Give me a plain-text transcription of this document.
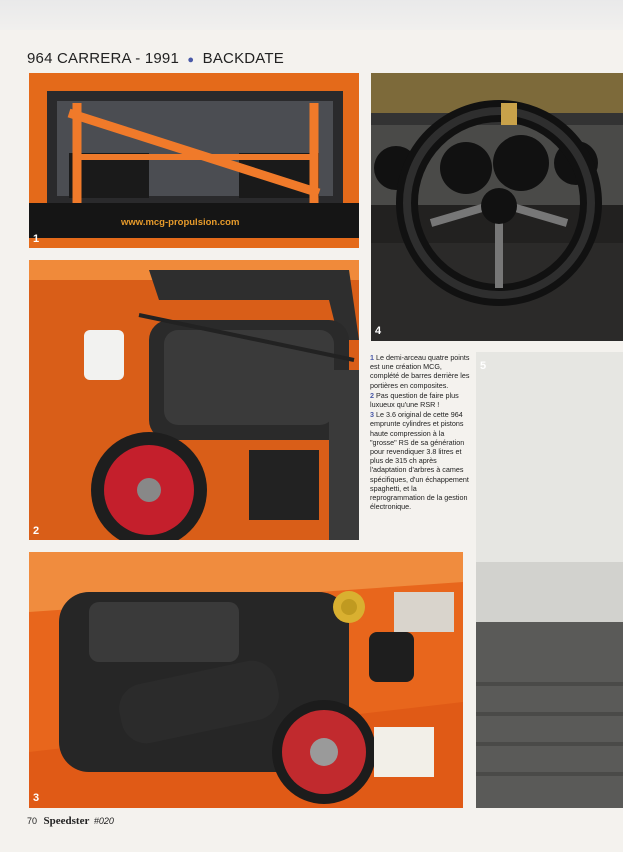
964 CARRERA - 1991 ● BACKDATE
www.mcg-propulsion.com
1
2
3
4
5

1 Le demi-arceau quatre points est une création MCG, complété de barres derrière les portières en composites.

2 Pas question de faire plus luxueux qu'une RSR !

3 Le 3.6 original de cette 964 emprunte cylindres et pistons haute compression à la "grosse" RS de sa génération pour revendiquer 3.8 litres et plus de 315 ch après l'adaptation d'arbres à cames spécifiques, d'un échappement spaghetti, et la reprogrammation de la gestion électronique.

70 Speedster #020
